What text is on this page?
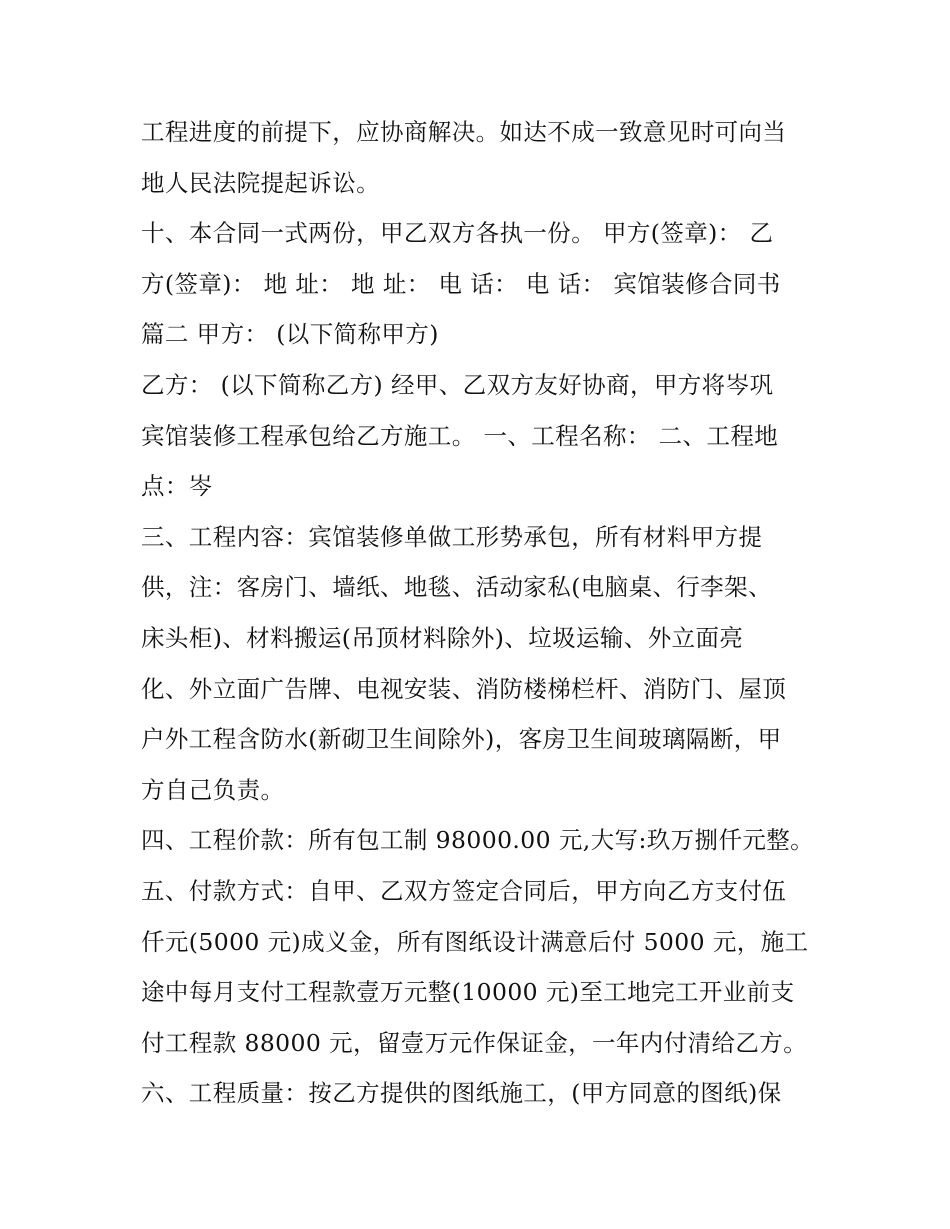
工程进度的前提下，应协商解决。如达不成一致意见时可向当
地人民法院提起诉讼。
十、本合同一式两份，甲乙双方各执一份。 甲方(签章)： 乙
方(签章)： 地 址： 地 址： 电 话： 电 话： 宾馆装修合同书
篇二 甲方： (以下简称甲方)
乙方： (以下简称乙方) 经甲、乙双方友好协商，甲方将岑巩
宾馆装修工程承包给乙方施工。 一、工程名称： 二、工程地
点：岑
三、工程内容：宾馆装修单做工形势承包，所有材料甲方提
供，注：客房门、墙纸、地毯、活动家私(电脑桌、行李架、
床头柜)、材料搬运(吊顶材料除外)、垃圾运输、外立面亮
化、外立面广告牌、电视安装、消防楼梯栏杆、消防门、屋顶
户外工程含防水(新砌卫生间除外)，客房卫生间玻璃隔断，甲
方自己负责。
四、工程价款：所有包工制 98000.00 元,大写:玖万捌仟元整。
五、付款方式：自甲、乙双方签定合同后，甲方向乙方支付伍
仟元(5000 元)成义金，所有图纸设计满意后付 5000 元，施工
途中每月支付工程款壹万元整(10000 元)至工地完工开业前支
付工程款 88000 元，留壹万元作保证金，一年内付清给乙方。
六、工程质量：按乙方提供的图纸施工，(甲方同意的图纸)保
